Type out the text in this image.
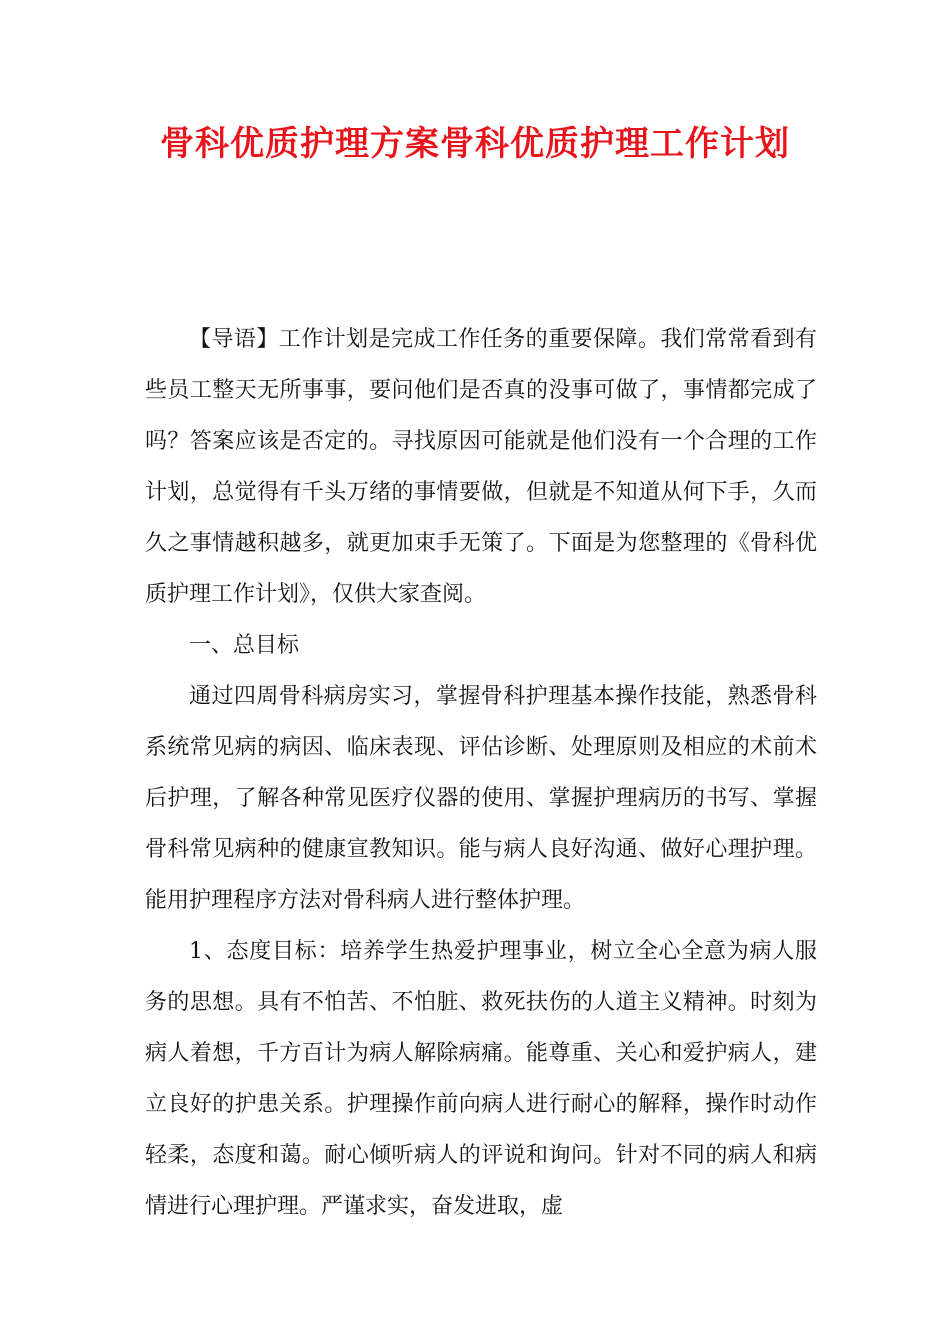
骨科优质护理方案骨科优质护理工作计划

【导语】工作计划是完成工作任务的重要保障。我们常常看到有些员工整天无所事事，要问他们是否真的没事可做了，事情都完成了吗？答案应该是否定的。寻找原因可能就是他们没有一个合理的工作计划，总觉得有千头万绪的事情要做，但就是不知道从何下手，久而久之事情越积越多，就更加束手无策了。下面是为您整理的《骨科优质护理工作计划》，仅供大家查阅。

一、总目标

通过四周骨科病房实习，掌握骨科护理基本操作技能，熟悉骨科系统常见病的病因、临床表现、评估诊断、处理原则及相应的术前术后护理，了解各种常见医疗仪器的使用、掌握护理病历的书写、掌握骨科常见病种的健康宣教知识。能与病人良好沟通、做好心理护理。能用护理程序方法对骨科病人进行整体护理。

1、态度目标：培养学生热爱护理事业，树立全心全意为病人服务的思想。具有不怕苦、不怕脏、救死扶伤的人道主义精神。时刻为病人着想，千方百计为病人解除病痛。能尊重、关心和爱护病人，建立良好的护患关系。护理操作前向病人进行耐心的解释，操作时动作轻柔，态度和蔼。耐心倾听病人的评说和询问。针对不同的病人和病情进行心理护理。严谨求实，奋发进取，虚
